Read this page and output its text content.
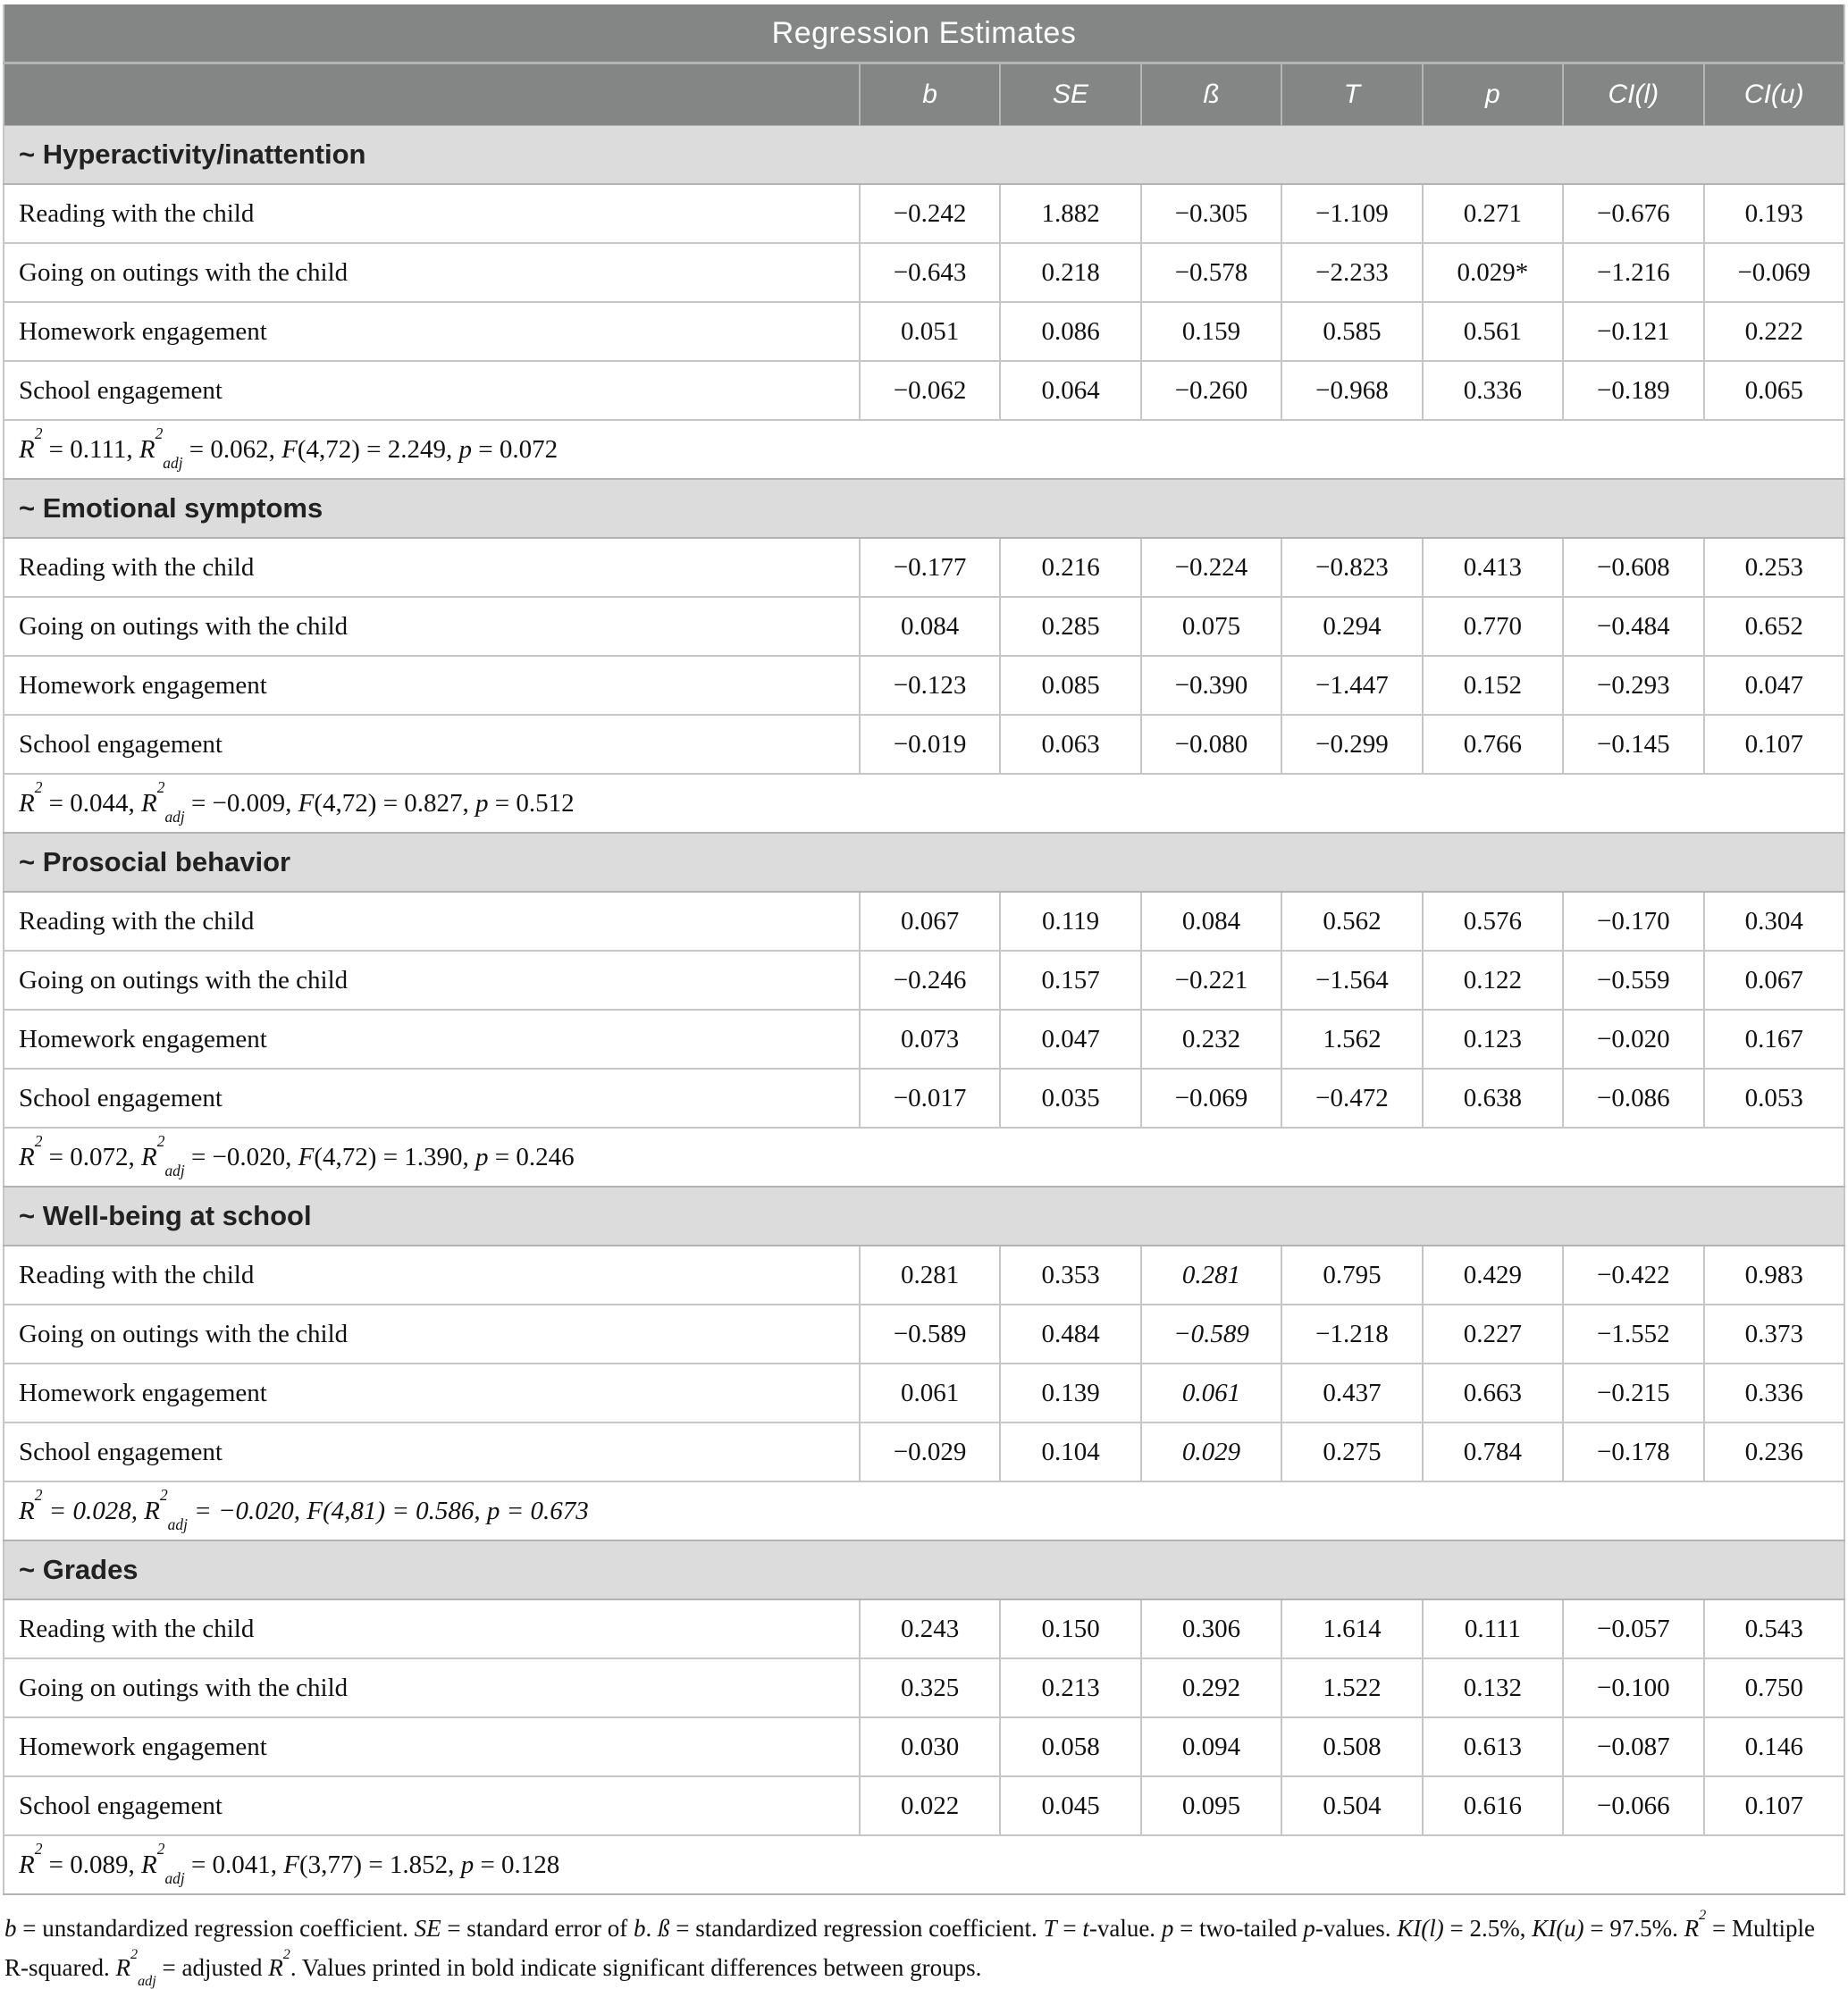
Regression Estimates							
	b	SE	ß	T	p	CI(l)	CI(u)
~ Hyperactivity/inattention							
Reading with the child	−0.242	1.882	−0.305	−1.109	0.271	−0.676	0.193
Going on outings with the child	−0.643	0.218	−0.578	−2.233	0.029*	−1.216	−0.069
Homework engagement	0.051	0.086	0.159	0.585	0.561	−0.121	0.222
School engagement	−0.062	0.064	−0.260	−0.968	0.336	−0.189	0.065
$R^2 = 0.111$, $R^2_{adj} = 0.062$, F(4,72) = 2.249, p = 0.072							
~ Emotional symptoms							
Reading with the child	−0.177	0.216	−0.224	−0.823	0.413	−0.608	0.253
Going on outings with the child	0.084	0.285	0.075	0.294	0.770	−0.484	0.652
Homework engagement	−0.123	0.085	−0.390	−1.447	0.152	−0.293	0.047
School engagement	−0.019	0.063	−0.080	−0.299	0.766	−0.145	0.107
$R^2 = 0.044$, $R^2_{adj} = -0.009$, F(4,72) = 0.827, p = 0.512							
~ Prosocial behavior							
Reading with the child	0.067	0.119	0.084	0.562	0.576	−0.170	0.304
Going on outings with the child	−0.246	0.157	−0.221	−1.564	0.122	−0.559	0.067
Homework engagement	0.073	0.047	0.232	1.562	0.123	−0.020	0.167
School engagement	−0.017	0.035	−0.069	−0.472	0.638	−0.086	0.053
$R^2 = 0.072$, $R^2_{adj} = -0.020$, F(4,72) = 1.390, p = 0.246							
~ Well-being at school							
Reading with the child	0.281	0.353	0.281	0.795	0.429	−0.422	0.983
Going on outings with the child	−0.589	0.484	−0.589	−1.218	0.227	−1.552	0.373
Homework engagement	0.061	0.139	0.061	0.437	0.663	−0.215	0.336
School engagement	−0.029	0.104	0.029	0.275	0.784	−0.178	0.236
$R^2 = 0.028$, $R^2_{adj} = -0.020$, F(4,81) = 0.586, p = 0.673							
~ Grades							
Reading with the child	0.243	0.150	0.306	1.614	0.111	−0.057	0.543
Going on outings with the child	0.325	0.213	0.292	1.522	0.132	−0.100	0.750
Homework engagement	0.030	0.058	0.094	0.508	0.613	−0.087	0.146
School engagement	0.022	0.045	0.095	0.504	0.616	−0.066	0.107
$R^2 = 0.089$, $R^2_{adj} = 0.041$, F(3,77) = 1.852, p = 0.128							

b = unstandardized regression coefficient. SE = standard error of b. ß = standardized regression coefficient. T = t-value. p = two-tailed p-values. KI(l) = 2.5%, KI(u) = 97.5%. $R^2$ = Multiple R-squared. $R^2_{adj}$ = adjusted $R^2$. Values printed in bold indicate significant differences between groups.
